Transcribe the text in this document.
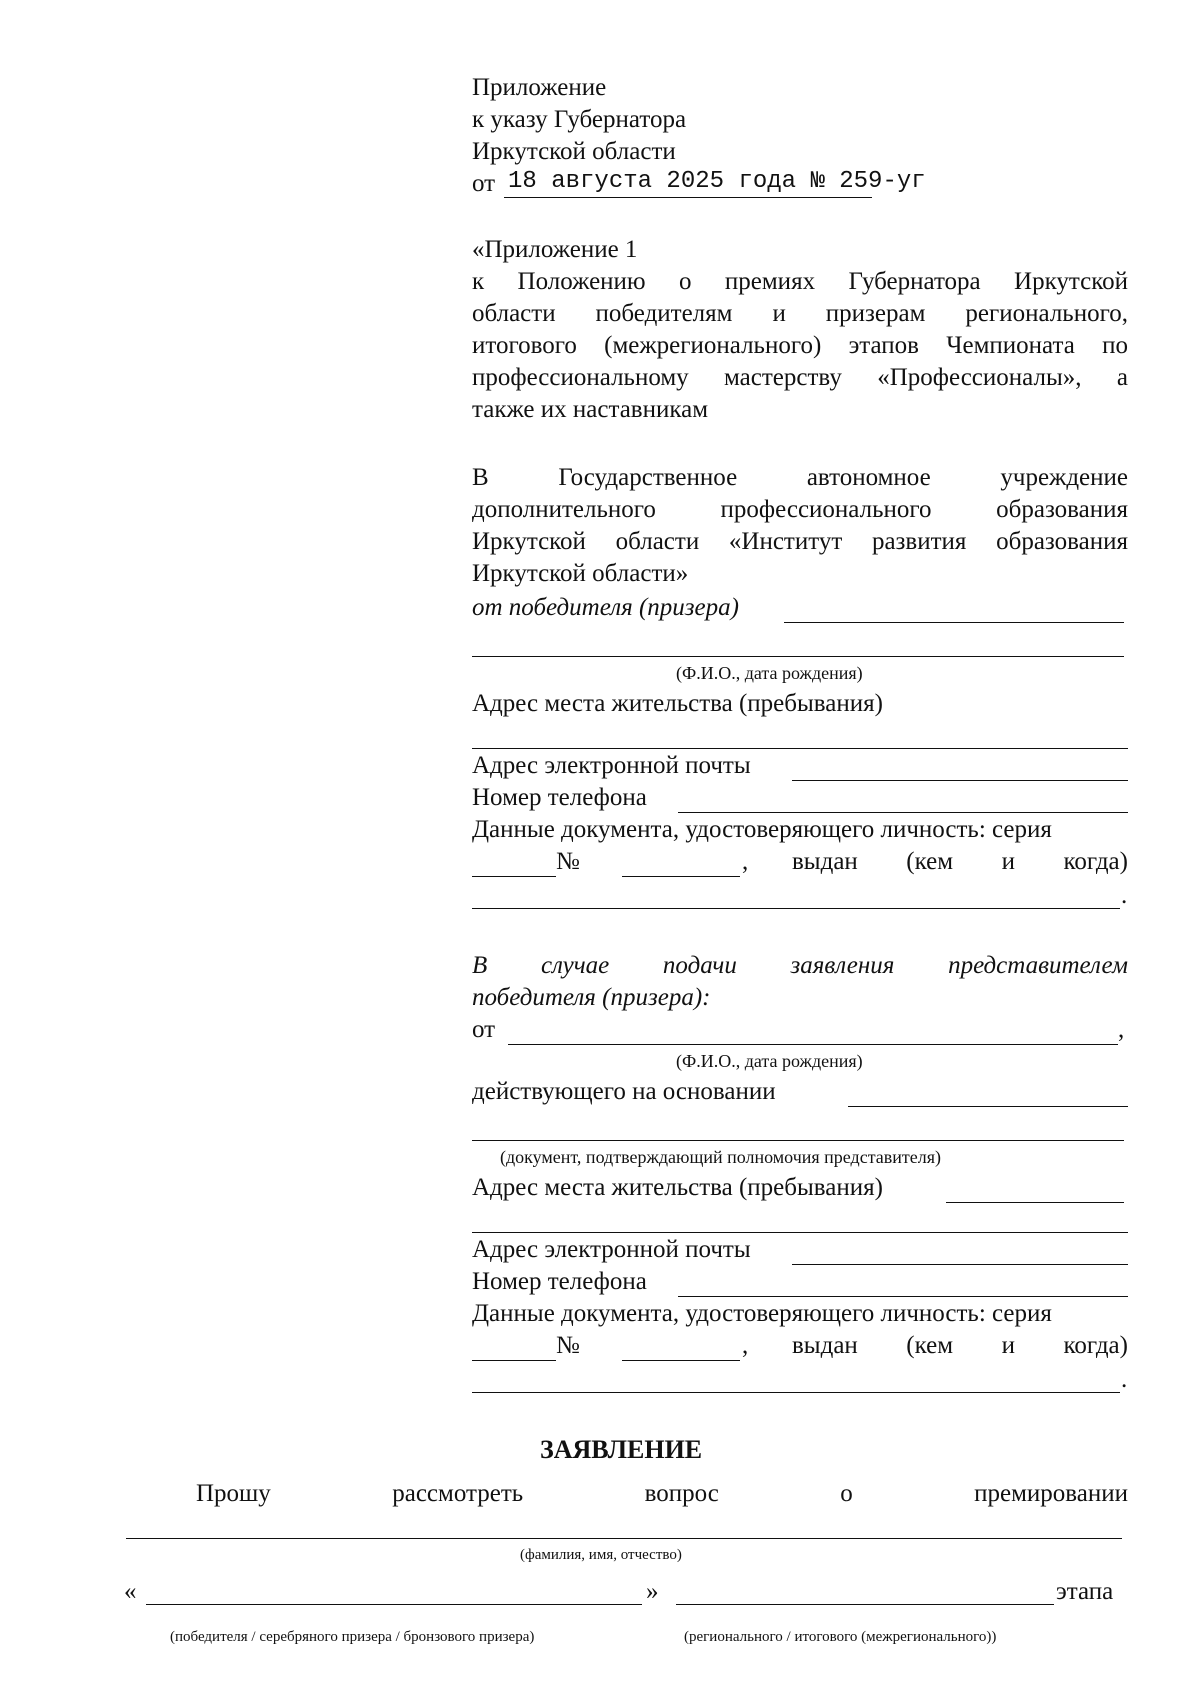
Приложение
к указу Губернатора
Иркутской области
от 18 августа 2025 года № 259-уг
«Приложение 1
к Положению о премиях Губернатора Иркутской
области победителям и призерам регионального,
итогового (межрегионального) этапов Чемпионата по
профессиональному мастерству «Профессионалы», а
также их наставникам
В	Государственное	автономное	учреждение
дополнительного	профессионального	образования
Иркутской области «Институт развития образования
Иркутской области»
от победителя (призера)
(Ф.И.О., дата рождения)
Адрес места жительства (пребывания)
Адрес электронной почты
Номер телефона
Данные документа, удостоверяющего личность: серия
№	, выдан (кем и когда)
.
В случае подачи заявления представителем
победителя (призера):
от	,
(Ф.И.О., дата рождения)
действующего на основании
(документ, подтверждающий полномочия представителя)
Адрес места жительства (пребывания)
Адрес электронной почты
Номер телефона
Данные документа, удостоверяющего личность: серия
№	, выдан (кем и когда)
.
ЗАЯВЛЕНИЕ
Прошу	рассмотреть	вопрос	о	премировании
(фамилия, имя, отчество)
«	»	этапа
(победителя / серебряного призера / бронзового призера)	(регионального / итогового (межрегионального))
